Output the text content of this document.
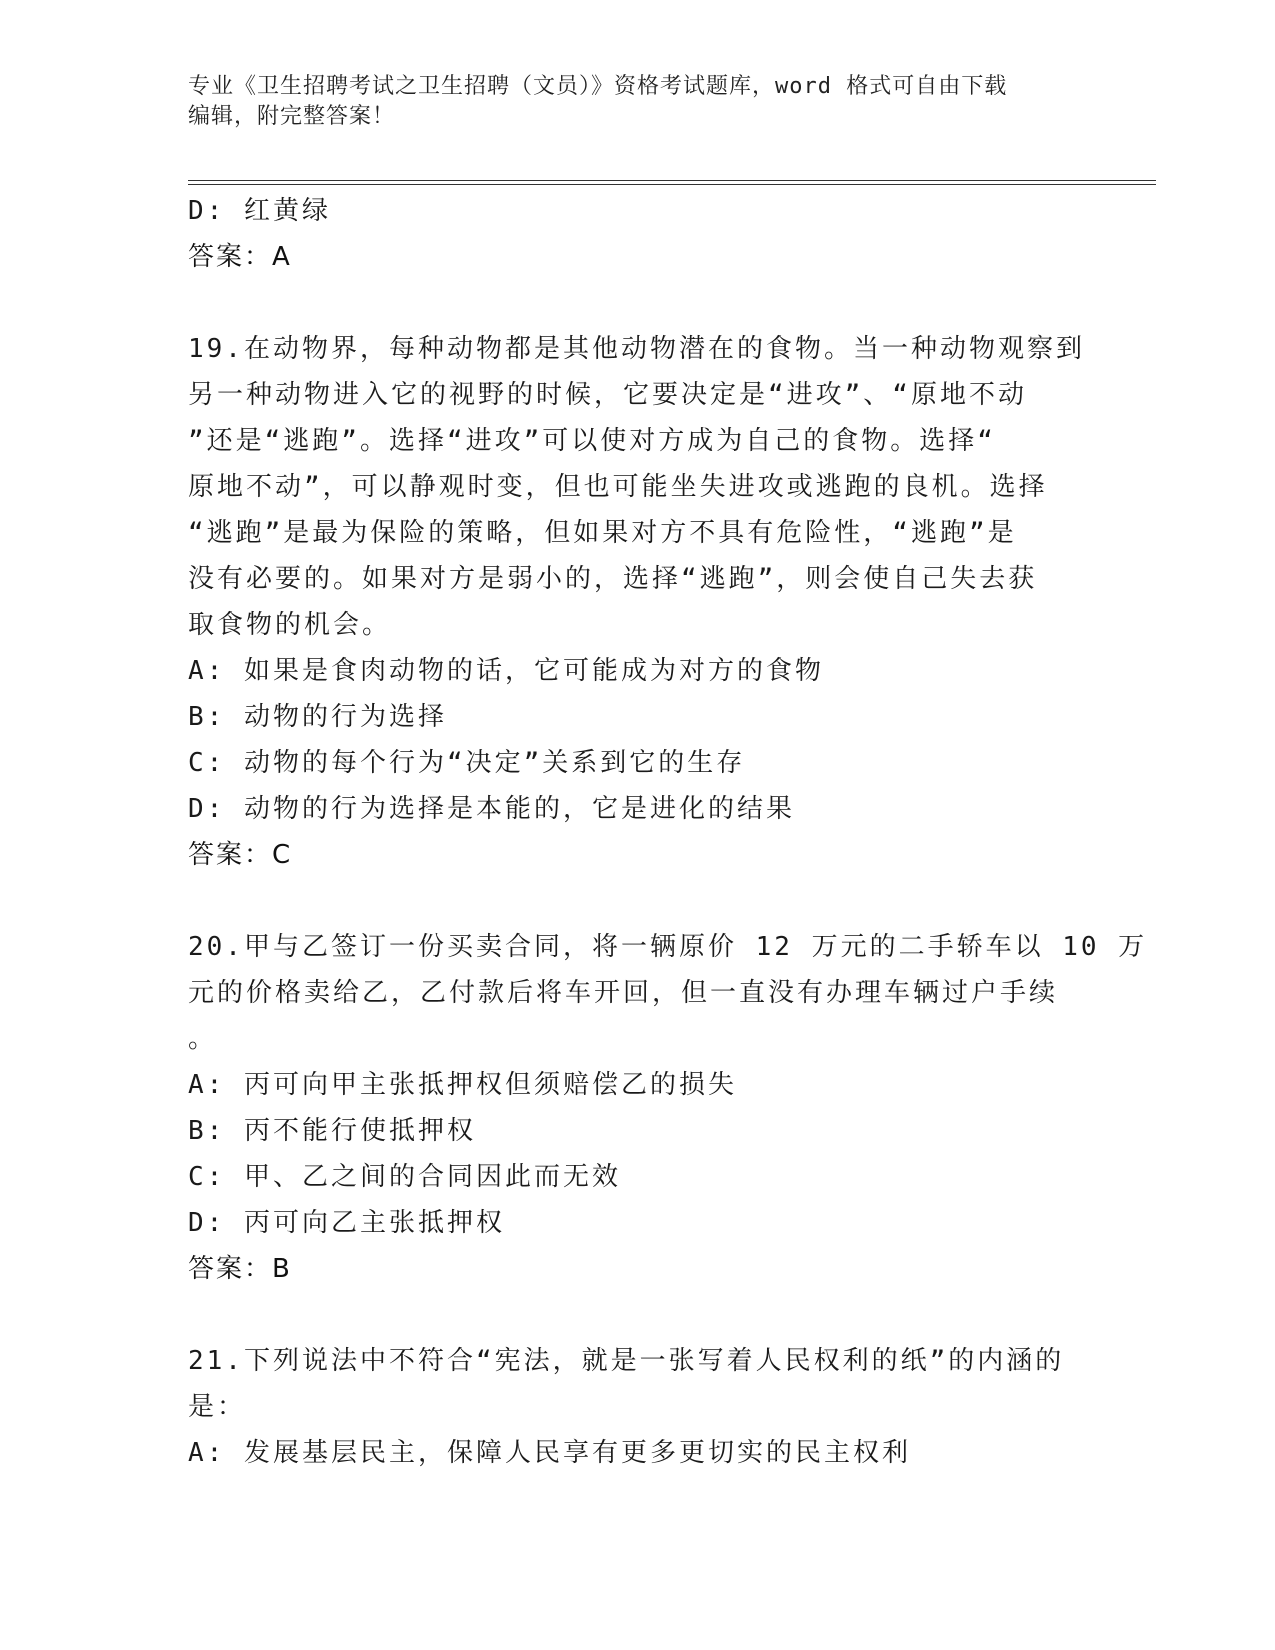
专业《卫生招聘考试之卫生招聘（文员）》资格考试题库，word 格式可自由下载
编辑，附完整答案！
D: 红黄绿
答案：A
19.在动物界，每种动物都是其他动物潜在的食物。当一种动物观察到
另一种动物进入它的视野的时候，它要决定是“进攻”、“原地不动
”还是“逃跑”。选择“进攻”可以使对方成为自己的食物。选择“
原地不动”，可以静观时变，但也可能坐失进攻或逃跑的良机。选择
“逃跑”是最为保险的策略，但如果对方不具有危险性，“逃跑”是
没有必要的。如果对方是弱小的，选择“逃跑”，则会使自己失去获
取食物的机会。
A: 如果是食肉动物的话，它可能成为对方的食物
B: 动物的行为选择
C: 动物的每个行为“决定”关系到它的生存
D: 动物的行为选择是本能的，它是进化的结果
答案：C
20.甲与乙签订一份买卖合同，将一辆原价 12 万元的二手轿车以 10 万
元的价格卖给乙，乙付款后将车开回，但一直没有办理车辆过户手续
。
A: 丙可向甲主张抵押权但须赔偿乙的损失
B: 丙不能行使抵押权
C: 甲、乙之间的合同因此而无效
D: 丙可向乙主张抵押权
答案：B
21.下列说法中不符合“宪法，就是一张写着人民权利的纸”的内涵的
是：
A: 发展基层民主，保障人民享有更多更切实的民主权利
